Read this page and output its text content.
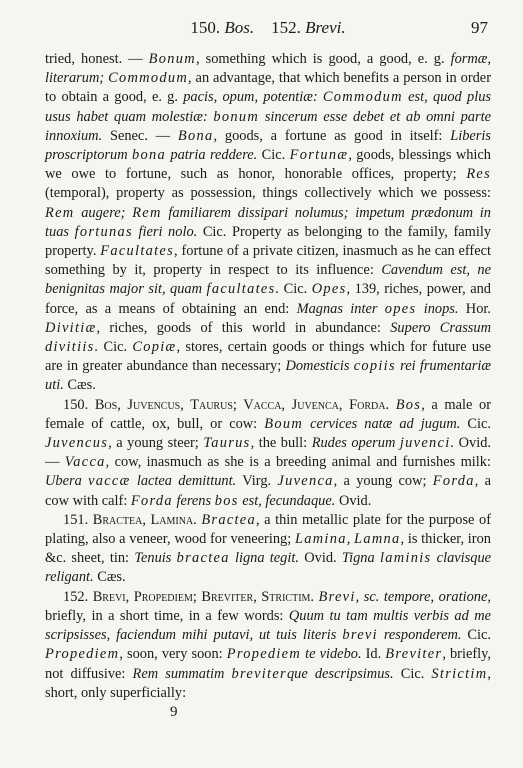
150. Bos. 152. Brevi.	97

tried, honest. — Bonum, something which is good, a good, e. g. formæ, literarum; Commodum, an advantage, that which benefits a person in order to obtain a good, e. g. pacis, opum, potentiæ: Commodum est, quod plus usus habet quam molestiæ: bonum sincerum esse debet et ab omni parte innoxium. Senec. — Bona, goods, a fortune as good in itself: Liberis proscriptorum bona patria reddere. Cic. Fortunæ, goods, blessings which we owe to fortune, such as honor, honorable offices, property; Res (temporal), property as possession, things collectively which we possess: Rem augere; Rem familiarem dissipari nolumus; impetum prædonum in tuas fortunas fieri nolo. Cic. Property as belonging to the family, family property. Facultates, fortune of a private citizen, inasmuch as he can effect something by it, property in respect to its influence: Cavendum est, ne benignitas major sit, quam facultates. Cic. Opes, 139, riches, power, and force, as a means of obtaining an end: Magnas inter opes inops. Hor. Divitiæ, riches, goods of this world in abundance: Supero Crassum divitiis. Cic. Copiæ, stores, certain goods or things which for future use are in greater abundance than necessary; Domesticis copiis rei frumentariæ uti. Cæs.

150. Bos, Juvencus, Taurus; Vacca, Juvenca, Forda. Bos, a male or female of cattle, ox, bull, or cow: Boum cervices natæ ad jugum. Cic. Juvencus, a young steer; Taurus, the bull: Rudes operum juvenci. Ovid. — Vacca, cow, inasmuch as she is a breeding animal and furnishes milk: Ubera vaccæ lactea demittunt. Virg. Juvenca, a young cow; Forda, a cow with calf: Forda ferens bos est, fecundaque. Ovid.

151. Bractea, Lamina. Bractea, a thin metallic plate for the purpose of plating, also a veneer, wood for veneering; Lamina, Lamna, is thicker, iron &c. sheet, tin: Tenuis bractea ligna tegit. Ovid. Tigna laminis clavisque religant. Cæs.

152. Brevi, Propediem; Breviter, Strictim. Brevi, sc. tempore, oratione, briefly, in a short time, in a few words: Quum tu tam multis verbis ad me scripsisses, faciendum mihi putavi, ut tuis literis brevi responderem. Cic. Propediem, soon, very soon: Propediem te videbo. Id. Breviter, briefly, not diffusive: Rem summatim breviterque descripsimus. Cic. Strictim, short, only superficially:

9
